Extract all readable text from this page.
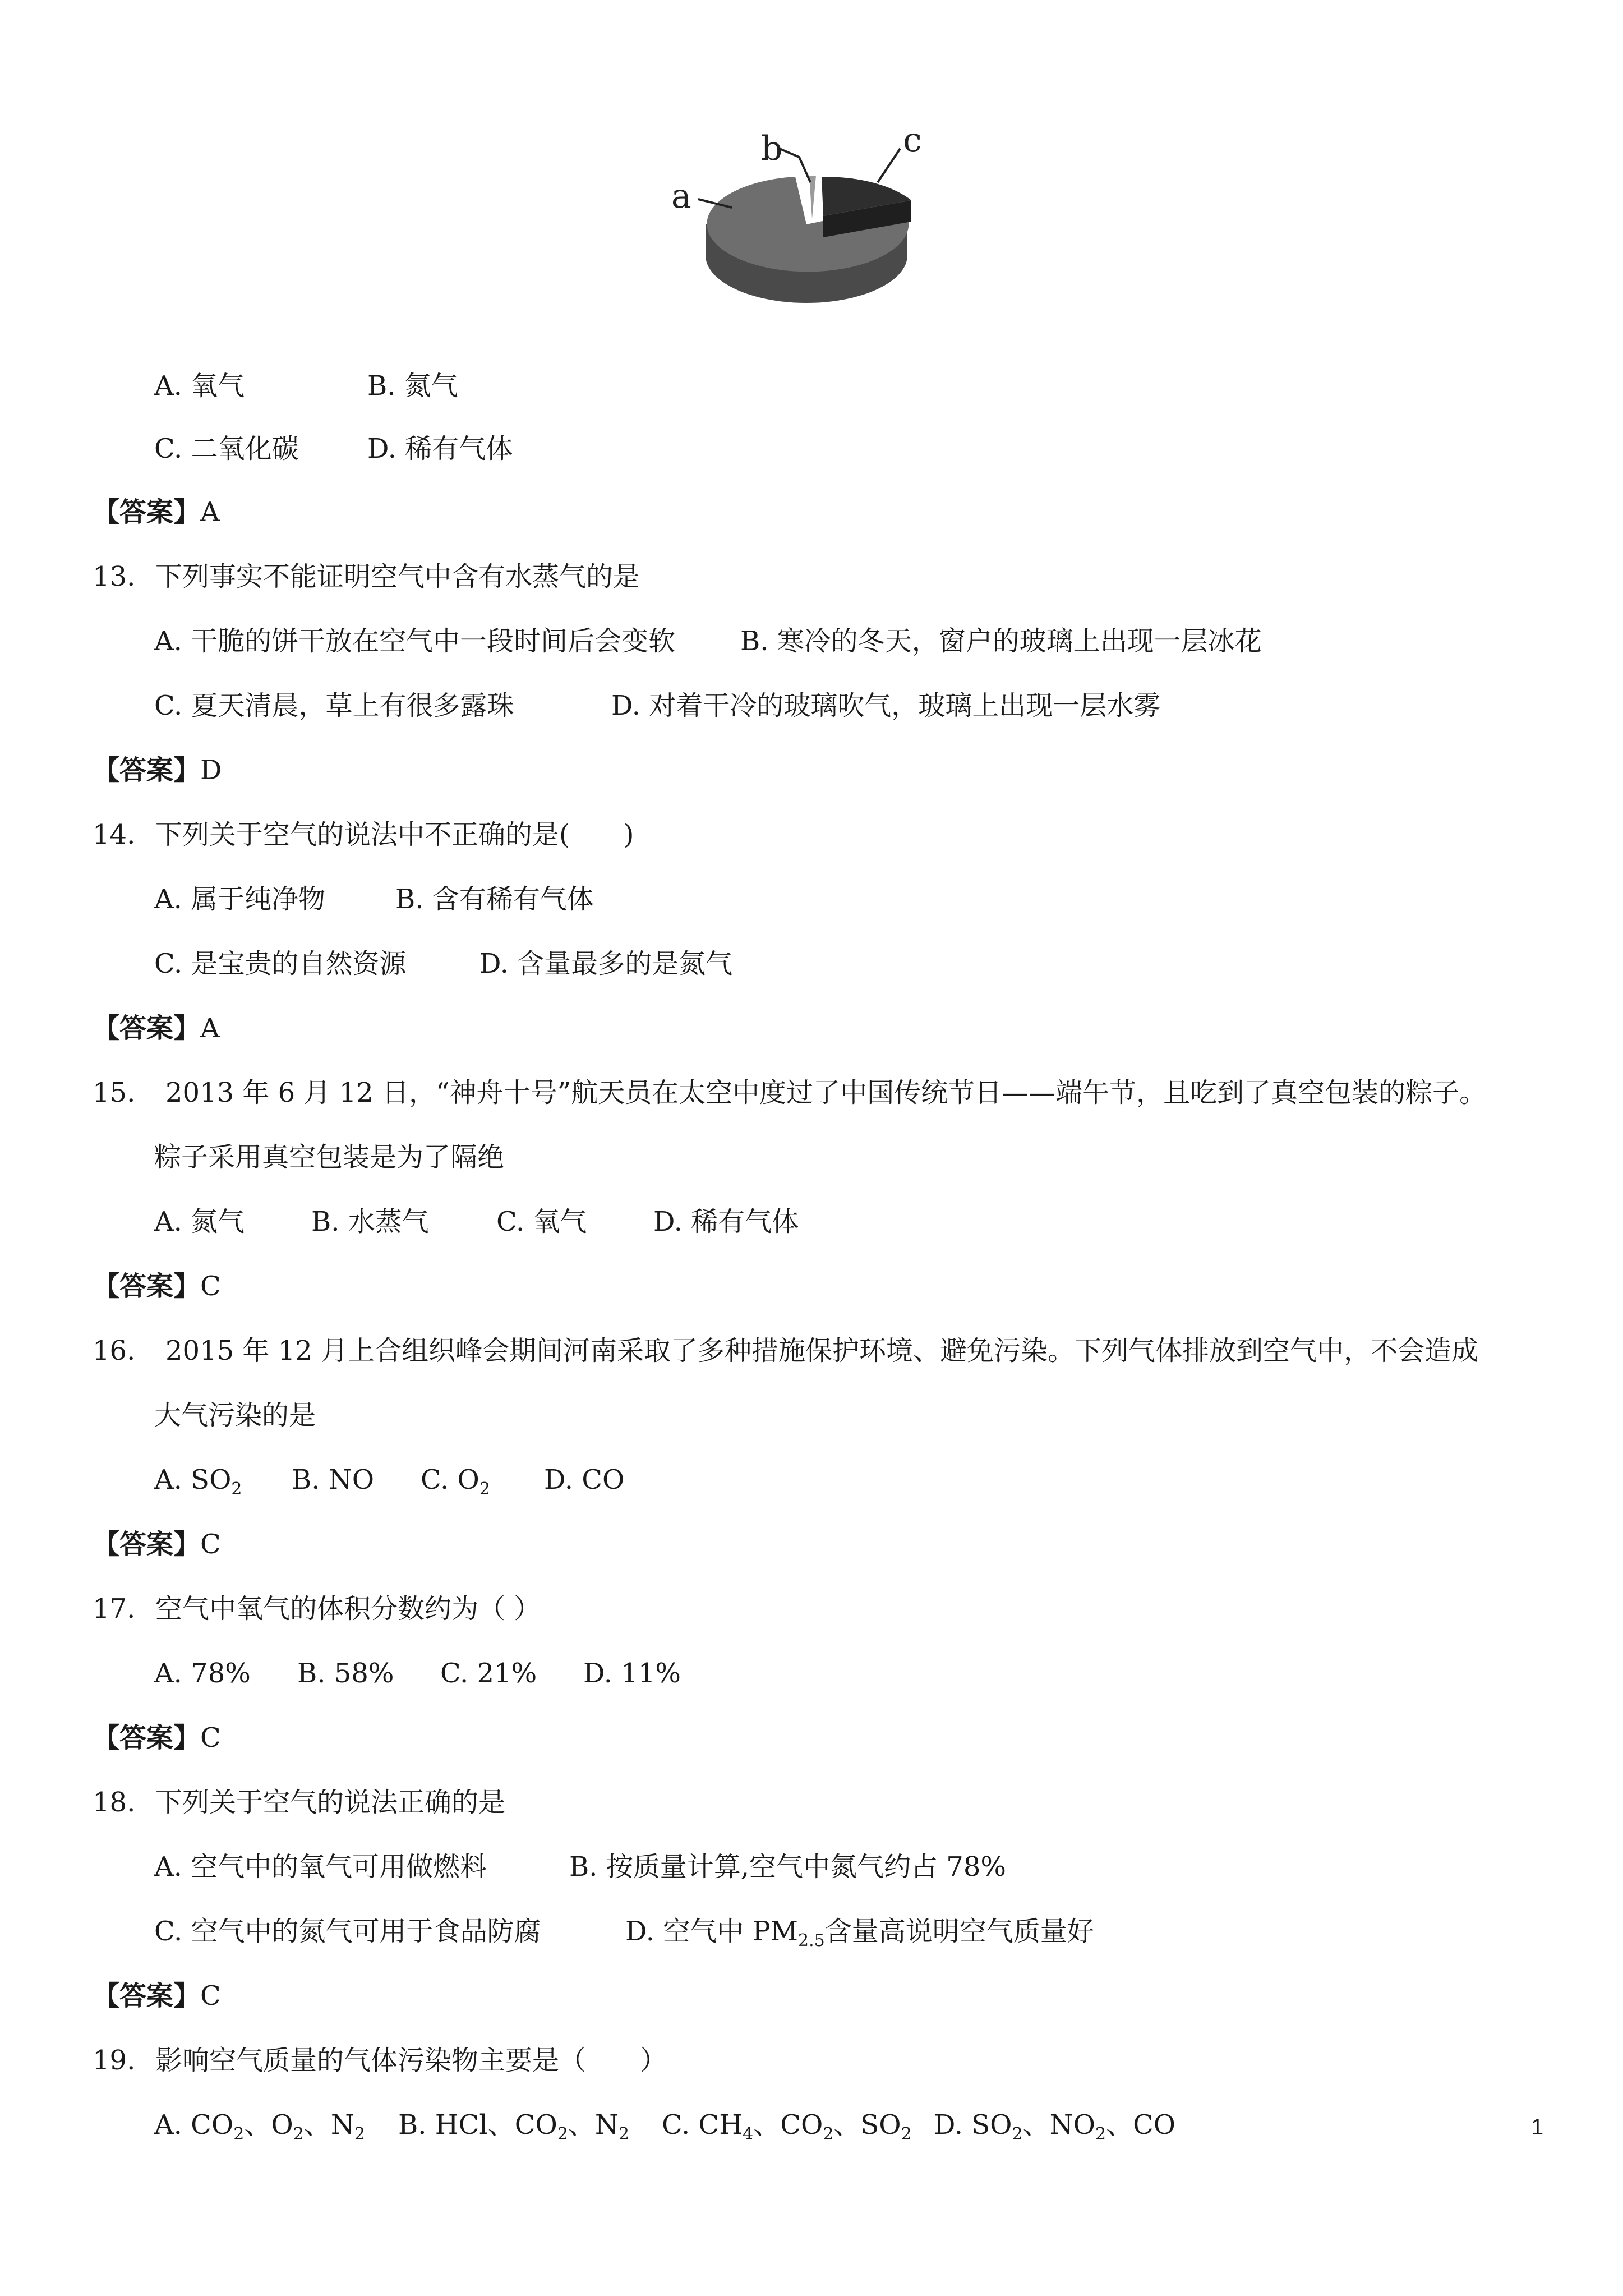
a
b	c
A. 氧气	B. 氮气
C. 二氧化碳	D. 稀有气体
【答案】A
13. 下列事实不能证明空气中含有水蒸气的是
A. 干脆的饼干放在空气中一段时间后会变软 B. 寒冷的冬天，窗户的玻璃上出现一层冰花
C. 夏天清晨，草上有很多露珠	D. 对着干冷的玻璃吹气，玻璃上出现一层水雾
【答案】D
14. 下列关于空气的说法中不正确的是(　　)
A. 属于纯净物	B. 含有稀有气体
C. 是宝贵的自然资源	D. 含量最多的是氮气
【答案】A
15. 2013 年 6 月 12 日，“神舟十号”航天员在太空中度过了中国传统节日——端午节，且吃到了真空包装的粽子。
粽子采用真空包装是为了隔绝
A. 氮气 B. 水蒸气	C. 氧气 D. 稀有气体
【答案】C
16. 2015 年 12 月上合组织峰会期间河南采取了多种措施保护环境、避免污染。下列气体排放到空气中，不会造成
大气污染的是
A. $SO_2$ B. NO C. $O_2$ D. CO
【答案】C
17. 空气中氧气的体积分数约为（ ）
A. 78% B. 58% C. 21% D. 11%
【答案】C
18. 下列关于空气的说法正确的是
A. 空气中的氧气可用做燃料	B. 按质量计算,空气中氮气约占 78%
C. 空气中的氮气可用于食品防腐	D. 空气中 $PM_{2.5}$含量高说明空气质量好
【答案】C
19. 影响空气质量的气体污染物主要是（　　）
A. $CO_2$、$O_2$、$N_2$ B. HCl、$CO_2$、$N_2$ C. $CH_4$、$CO_2$、$SO_2$ D. $SO_2$、$NO_2$、CO	1
